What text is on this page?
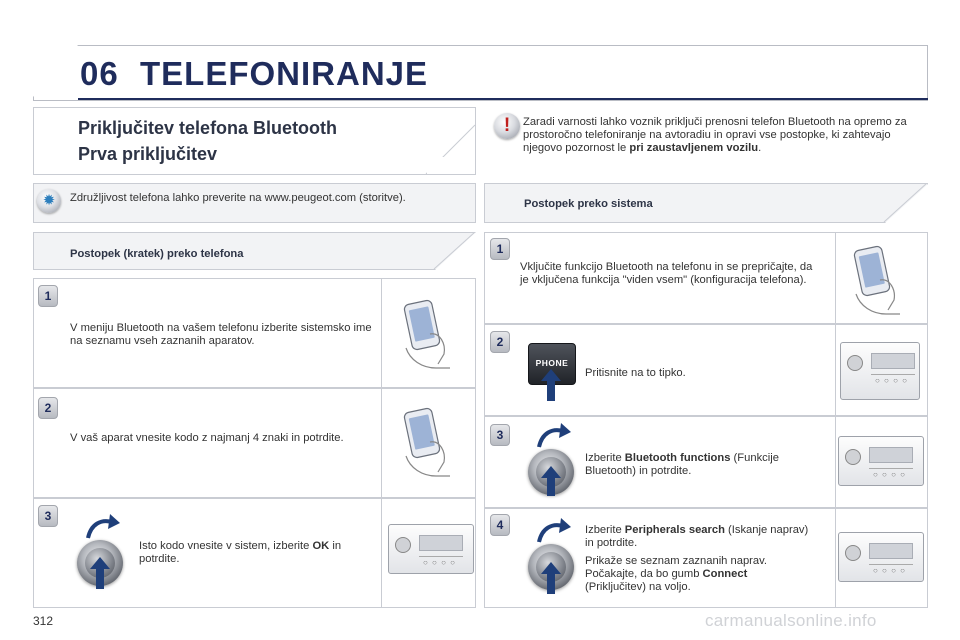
06 TELEFONIRANJE
Priključitev telefona Bluetooth
Prva priključitev
!	Zaradi varnosti lahko voznik priključi prenosni telefon Bluetooth na opremo za prostoročno telefoniranje na avtoradiu in opravi vse postopke, ki zahtevajo njegovo pozornost le pri zaustavljenem vozilu.
✹
Združljivost telefona lahko preverite na www.peugeot.com (storitve).	Postopek preko sistema
Postopek (kratek) preko telefona
1
V meniju Bluetooth na vašem telefonu izberite sistemsko ime na seznamu vseh zaznanih aparatov.
2
V vaš aparat vnesite kodo z najmanj 4 znaki in potrdite.
3
Isto kodo vnesite v sistem, izberite OK in potrdite.
○ ○ ○ ○
1
Vključite funkcijo Bluetooth na telefonu in se prepričajte, da je vključena funkcija "viden vsem" (konfiguracija telefona).
2
PHONE
Pritisnite na to tipko.
3
Izberite Bluetooth functions (Funkcije Bluetooth) in potrdite.
4	Izberite Peripherals search (Iskanje naprav) in potrdite.
Prikaže se seznam zaznanih naprav. Počakajte, da bo gumb Connect (Priključitev) na voljo.
○ ○ ○ ○
○ ○ ○ ○
○ ○ ○ ○
312	carmanualsonline.info
